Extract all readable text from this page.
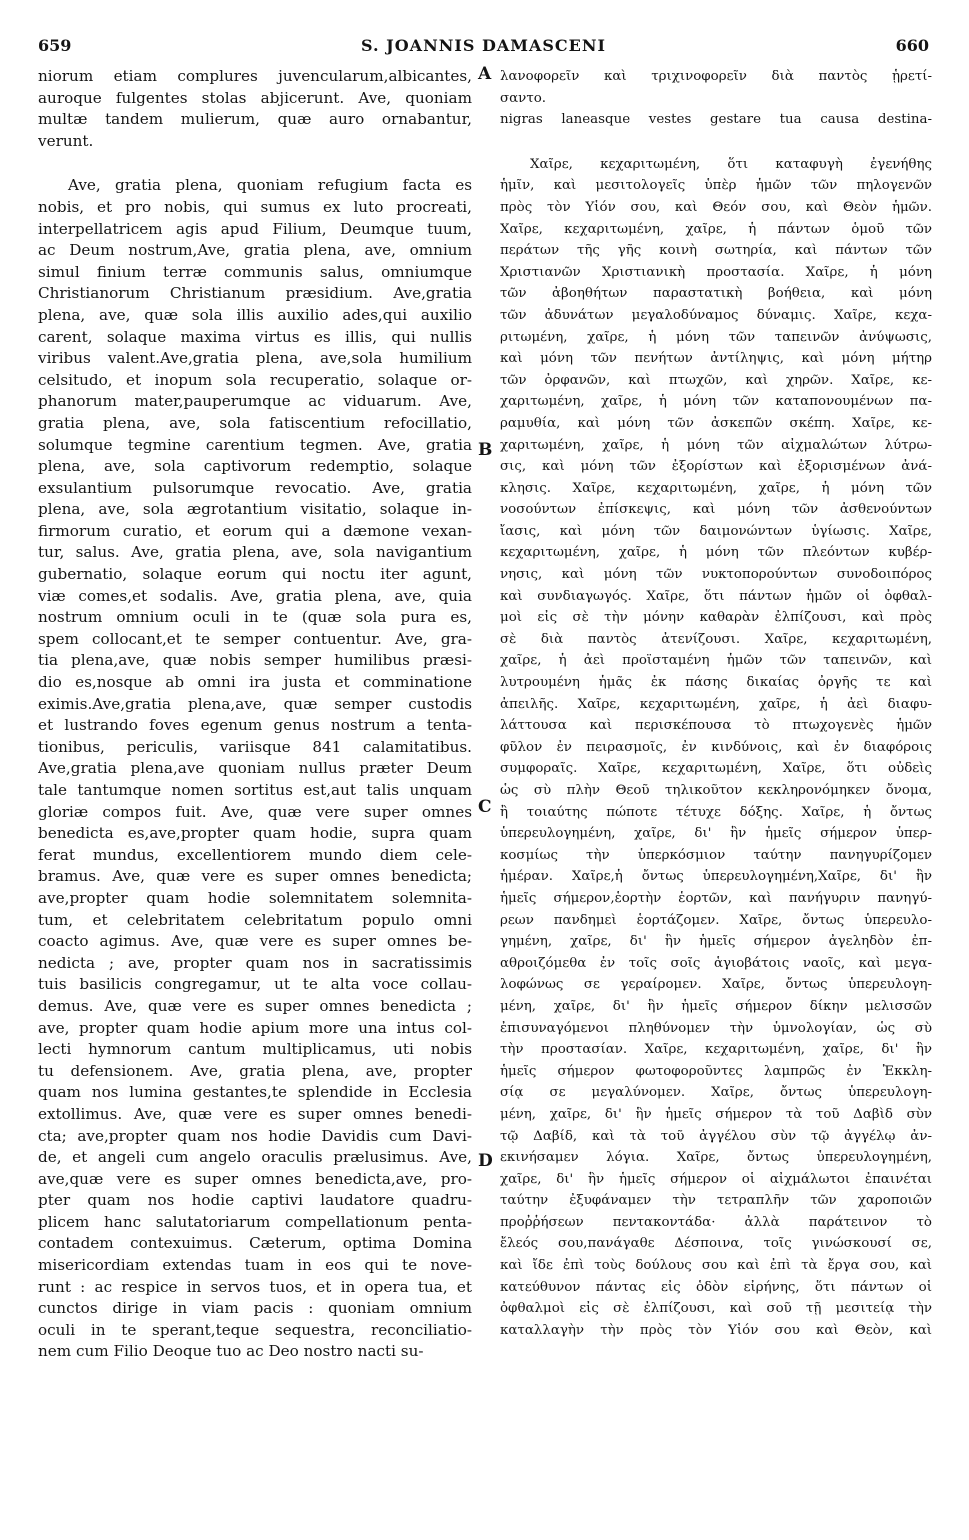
659	S. JOANNIS DAMASCENI	660
niorum etiam complures juvencularum,albicantes,
auroque fulgentes stolas abjicerunt. Ave, quoniam
multæ tandem mulierum, quæ auro ornabantur,
verunt.
Ave, gratia plena, quoniam refugium facta es
nobis, et pro nobis, qui sumus ex luto procreati,
interpellatricem agis apud Filium, Deumque tuum,
ac Deum nostrum,Ave, gratia plena, ave, omnium
simul finium terræ communis salus, omniumque
Christianorum Christianum præsidium. Ave,gratia
plena, ave, quæ sola illis auxilio ades,qui auxilio
carent, solaque maxima virtus es illis, qui nullis
viribus valent.Ave,gratia plena, ave,sola humilium
celsitudo, et inopum sola recuperatio, solaque or-
phanorum mater,pauperumque ac viduarum. Ave,
gratia plena, ave, sola fatiscentium refocillatio,
solumque tegmine carentium tegmen. Ave, gratia
plena, ave, sola captivorum redemptio, solaque
exsulantium pulsorumque revocatio. Ave, gratia
plena, ave, sola ægrotantium visitatio, solaque in-
firmorum curatio, et eorum qui a dæmone vexan-
tur, salus. Ave, gratia plena, ave, sola navigantium
gubernatio, solaque eorum qui noctu iter agunt,
viæ comes,et sodalis. Ave, gratia plena, ave, quia
nostrum omnium oculi in te (quæ sola pura es,
spem collocant,et te semper contuentur. Ave, gra-
tia plena,ave, quæ nobis semper humilibus præsi-
dio es,nosque ab omni ira justa et comminatione
eximis.Ave,gratia plena,ave, quæ semper custodis
et lustrando foves egenum genus nostrum a tenta-
tionibus, periculis, variisque 841 calamitatibus.
Ave,gratia plena,ave quoniam nullus præter Deum
tale tantumque nomen sortitus est,aut talis unquam
gloriæ compos fuit. Ave, quæ vere super omnes
benedicta es,ave,propter quam hodie, supra quam
ferat mundus, excellentiorem mundo diem cele-
bramus. Ave, quæ vere es super omnes benedicta;
ave,propter quam hodie solemnitatem solemnita-
tum, et celebritatem celebritatum populo omni
coacto agimus. Ave, quæ vere es super omnes be-
nedicta ; ave, propter quam nos in sacratissimis
tuis basilicis congregamur, ut te alta voce collau-
demus. Ave, quæ vere es super omnes benedicta ;
ave, propter quam hodie apium more una intus col-
lecti hymnorum cantum multiplicamus, uti nobis
tu defensionem. Ave, gratia plena, ave, propter
quam nos lumina gestantes,te splendide in Ecclesia
extollimus. Ave, quæ vere es super omnes benedi-
cta; ave,propter quam nos hodie Davidis cum Davi-
de, et angeli cum angelo oraculis prælusimus. Ave,
ave,quæ vere es super omnes benedicta,ave, pro-
pter quam nos hodie captivi laudatore quadru-
plicem hanc salutatoriarum compellationum penta-
contadem contexuimus. Cæterum, optima Domina
misericordiam extendas tuam in eos qui te nove-
runt : ac respice in servos tuos, et in opera tua, et
cunctos dirige in viam pacis : quoniam omnium
oculi in te sperant,teque sequestra, reconciliatio-
nem cum Filio Deoque tuo ac Deo nostro nacti su-
λανοφορεῖν καὶ τριχινοφορεῖν διὰ παντὸς ᾑρετί-
σαντο.
nigras laneasque vestes gestare tua causa destina-
Χαῖρε, κεχαριτωμένη, ὅτι καταφυγὴ ἐγενήθης
ἡμῖν, καὶ μεσιτολογεῖς ὑπὲρ ἡμῶν τῶν πηλογενῶν
πρὸς τὸν Υἱόν σου, καὶ Θεόν σου, καὶ Θεὸν ἡμῶν.
Χαῖρε, κεχαριτωμένη, χαῖρε, ἡ πάντων ὁμοῦ τῶν
περάτων τῆς γῆς κοινὴ σωτηρία, καὶ πάντων τῶν
Χριστιανῶν Χριστιανικὴ προστασία. Χαῖρε, ἡ μόνη
τῶν ἀβοηθήτων παραστατικὴ βοήθεια, καὶ μόνη
τῶν ἀδυνάτων μεγαλοδύναμος δύναμις. Χαῖρε, κεχα-
ριτωμένη, χαῖρε, ἡ μόνη τῶν ταπεινῶν ἀνύψωσις,
καὶ μόνη τῶν πενήτων ἀντίληψις, καὶ μόνη μήτηρ
τῶν ὀρφανῶν, καὶ πτωχῶν, καὶ χηρῶν. Χαῖρε, κε-
χαριτωμένη, χαῖρε, ἡ μόνη τῶν καταπονουμένων πα-
ραμυθία, καὶ μόνη τῶν ἀσκεπῶν σκέπη. Χαῖρε, κε-
χαριτωμένη, χαῖρε, ἡ μόνη τῶν αἰχμαλώτων λύτρω-
σις, καὶ μόνη τῶν ἐξορίστων καὶ ἐξορισμένων ἀνά-
κλησις. Χαῖρε, κεχαριτωμένη, χαῖρε, ἡ μόνη τῶν
νοσούντων ἐπίσκεψις, καὶ μόνη τῶν ἀσθενούντων
ἴασις, καὶ μόνη τῶν δαιμονώντων ὑγίωσις. Χαῖρε,
κεχαριτωμένη, χαῖρε, ἡ μόνη τῶν πλεόντων κυβέρ-
νησις, καὶ μόνη τῶν νυκτοπορούντων συνοδοιπόρος
καὶ συνδιαγωγός. Χαῖρε, ὅτι πάντων ἡμῶν οἱ ὀφθαλ-
μοὶ εἰς σὲ τὴν μόνην καθαρὰν ἐλπίζουσι, καὶ πρὸς
σὲ διὰ παντὸς ἀτενίζουσι. Χαῖρε, κεχαριτωμένη,
χαῖρε, ἡ ἀεὶ προϊσταμένη ἡμῶν τῶν ταπεινῶν, καὶ
λυτρουμένη ἡμᾶς ἐκ πάσης δικαίας ὀργῆς τε καὶ
ἀπειλῆς. Χαῖρε, κεχαριτωμένη, χαῖρε, ἡ ἀεὶ διαφυ-
λάττουσα καὶ περισκέπουσα τὸ πτωχογενὲς ἡμῶν
φῦλον ἐν πειρασμοῖς, ἐν κινδύνοις, καὶ ἐν διαφόροις
συμφοραῖς. Χαῖρε, κεχαριτωμένη, Χαῖρε, ὅτι οὐδεὶς
ὡς σὺ πλὴν Θεοῦ τηλικοῦτον κεκληρονόμηκεν ὄνομα,
ἢ τοιαύτης πώποτε τέτυχε δόξης. Χαῖρε, ἡ ὄντως
ὑπερευλογημένη, χαῖρε, δι' ἣν ἡμεῖς σήμερον ὑπερ-
κοσμίως τὴν ὑπερκόσμιον ταύτην πανηγυρίζομεν
ἡμέραν. Χαῖρε,ἡ ὄντως ὑπερευλογημένη,Χαῖρε, δι' ἣν
ἡμεῖς σήμερον,ἑορτὴν ἑορτῶν, καὶ πανήγυριν πανηγύ-
ρεων πανδημεὶ ἑορτάζομεν. Χαῖρε, ὄντως ὑπερευλο-
γημένη, χαῖρε, δι' ἣν ἡμεῖς σήμερον ἀγεληδὸν ἐπ-
αθροιζόμεθα ἐν τοῖς σοῖς ἁγιοβάτοις ναοῖς, καὶ μεγα-
λοφώνως σε γεραίρομεν. Χαῖρε, ὄντως ὑπερευλογη-
μένη, χαῖρε, δι' ἣν ἡμεῖς σήμερον δίκην μελισσῶν
ἐπισυναγόμενοι πληθύνομεν τὴν ὑμνολογίαν, ὡς σὺ
τὴν προστασίαν. Χαῖρε, κεχαριτωμένη, χαῖρε, δι' ἣν
ἡμεῖς σήμερον φωτοφοροῦντες λαμπρῶς ἐν Ἐκκλη-
σίᾳ σε μεγαλύνομεν. Χαῖρε, ὄντως ὑπερευλογη-
μένη, χαῖρε, δι' ἣν ἡμεῖς σήμερον τὰ τοῦ Δαβὶδ σὺν
τῷ Δαβίδ, καὶ τὰ τοῦ ἀγγέλου σὺν τῷ ἀγγέλῳ ἀν-
εκινήσαμεν λόγια. Χαῖρε, ὄντως ὑπερευλογημένη,
χαῖρε, δι' ἣν ἡμεῖς σήμερον οἱ αἰχμάλωτοι ἐπαινέται
ταύτην ἐξυφάναμεν τὴν τετραπλῆν τῶν χαροποιῶν
προῤῥήσεων πεντακοντάδα· ἀλλὰ παράτεινον τὸ
ἔλεός σου,πανάγαθε Δέσποινα, τοῖς γινώσκουσί σε,
καὶ ἴδε ἐπὶ τοὺς δούλους σου καὶ ἐπὶ τὰ ἔργα σου, καὶ
κατεύθυνον πάντας εἰς ὁδὸν εἰρήνης, ὅτι πάντων οἱ
ὀφθαλμοὶ εἰς σὲ ἐλπίζουσι, καὶ σοῦ τῇ μεσιτείᾳ τὴν
καταλλαγὴν τὴν πρὸς τὸν Υἱόν σου καὶ Θεὸν, καὶ
A
B
C
D
